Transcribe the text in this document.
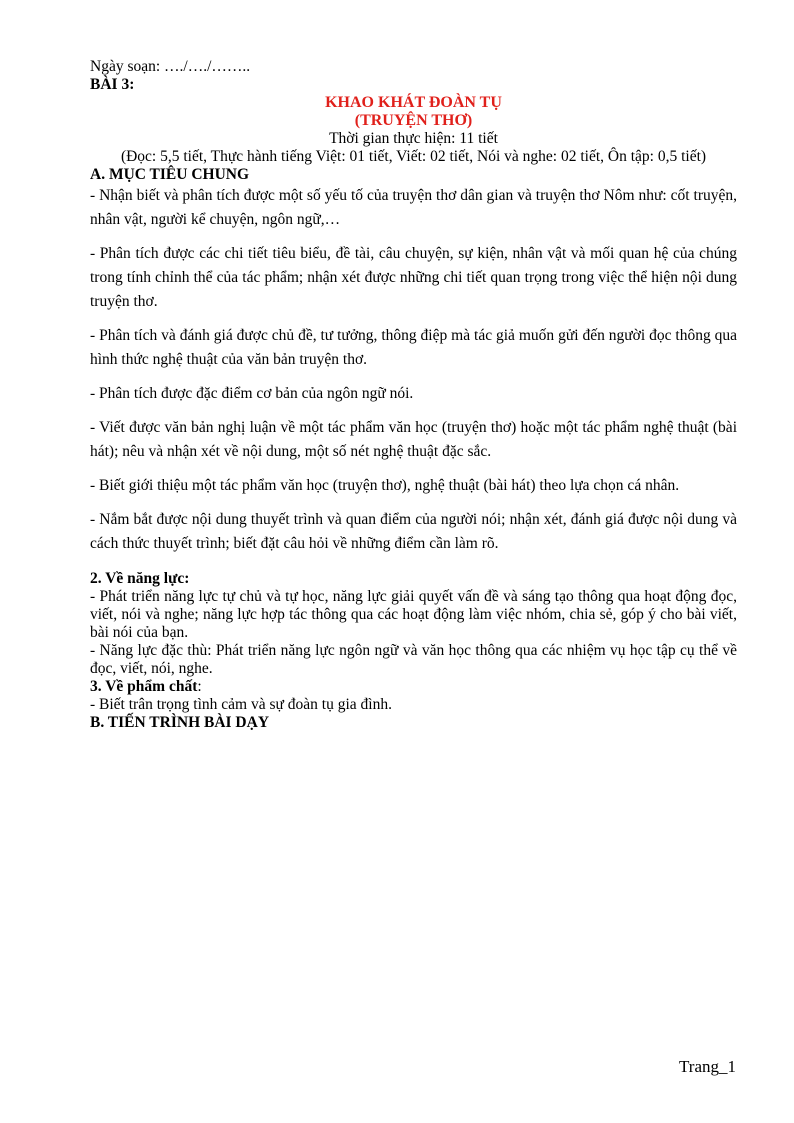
Ngày soạn: …./…./……..

BÀI 3:

KHAO KHÁT ĐOÀN TỤ

(TRUYỆN THƠ)

Thời gian thực hiện: 11 tiết

(Đọc: 5,5 tiết, Thực hành tiếng Việt: 01 tiết, Viết: 02 tiết, Nói và nghe: 02 tiết, Ôn tập: 0,5 tiết)

A. MỤC TIÊU CHUNG

- Nhận biết và phân tích được một số yếu tố của truyện thơ dân gian và truyện thơ Nôm như: cốt truyện, nhân vật, người kể chuyện, ngôn ngữ,…

- Phân tích được các chi tiết tiêu biểu, đề tài, câu chuyện, sự kiện, nhân vật và mối quan hệ của chúng trong tính chỉnh thể của tác phẩm; nhận xét được những chi tiết quan trọng trong việc thể hiện nội dung truyện thơ.

- Phân tích và đánh giá được chủ đề, tư tưởng, thông điệp mà tác giả muốn gửi đến người đọc thông qua hình thức nghệ thuật của văn bản truyện thơ.

- Phân tích được đặc điểm cơ bản của ngôn ngữ nói.

- Viết được văn bản nghị luận về một tác phẩm văn học (truyện thơ) hoặc một tác phẩm nghệ thuật (bài hát); nêu và nhận xét về nội dung, một số nét nghệ thuật đặc sắc.

- Biết giới thiệu một tác phẩm văn học (truyện thơ), nghệ thuật (bài hát) theo lựa chọn cá nhân.

- Nắm bắt được nội dung thuyết trình và quan điểm của người nói; nhận xét, đánh giá được nội dung và cách thức thuyết trình; biết đặt câu hỏi về những điểm cần làm rõ.

2. Về năng lực:

- Phát triển năng lực tự chủ và tự học, năng lực giải quyết vấn đề và sáng tạo thông qua hoạt động đọc, viết, nói và nghe; năng lực hợp tác thông qua các hoạt động làm việc nhóm, chia sẻ, góp ý cho bài viết, bài nói của bạn.

- Năng lực đặc thù: Phát triển năng lực ngôn ngữ và văn học thông qua các nhiệm vụ học tập cụ thể về đọc, viết, nói, nghe.

3. Về phẩm chất:

- Biết trân trọng tình cảm và sự đoàn tụ gia đình.

B. TIẾN TRÌNH BÀI DẠY

Trang_1
